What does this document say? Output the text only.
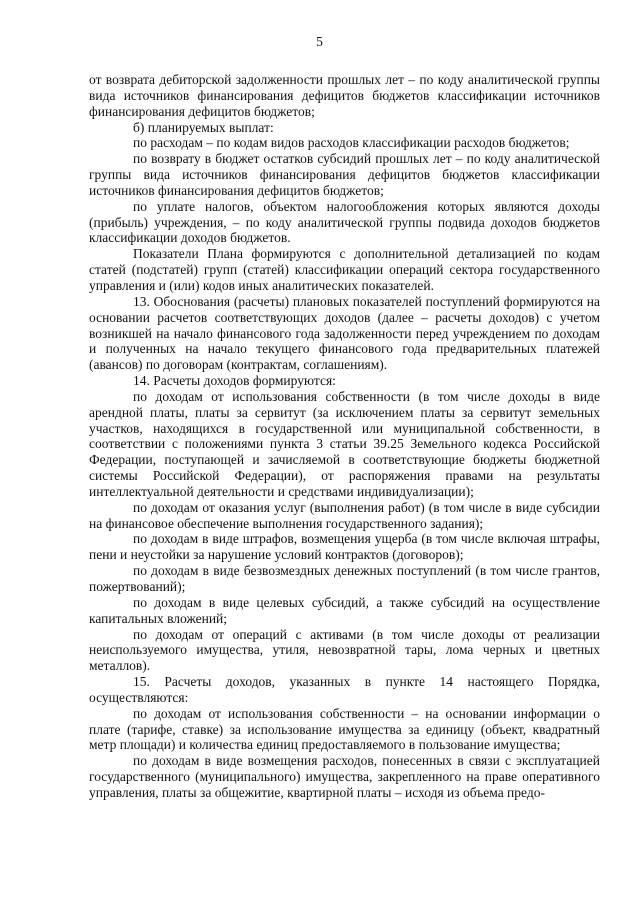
5

от возврата дебиторской задолженности прошлых лет – по коду аналитической группы вида источников финансирования дефицитов бюджетов классификации источников финансирования дефицитов бюджетов;

б) планируемых выплат:

по расходам – по кодам видов расходов классификации расходов бюджетов;

по возврату в бюджет остатков субсидий прошлых лет – по коду аналитической группы вида источников финансирования дефицитов бюджетов классификации источников финансирования дефицитов бюджетов;

по уплате налогов, объектом налогообложения которых являются доходы (прибыль) учреждения, – по коду аналитической группы подвида доходов бюджетов классификации доходов бюджетов.

Показатели Плана формируются с дополнительной детализацией по кодам статей (подстатей) групп (статей) классификации операций сектора государственного управления и (или) кодов иных аналитических показателей.

13. Обоснования (расчеты) плановых показателей поступлений формируются на основании расчетов соответствующих доходов (далее – расчеты доходов) с учетом возникшей на начало финансового года задолженности перед учреждением по доходам и полученных на начало текущего финансового года предварительных платежей (авансов) по договорам (контрактам, соглашениям).

14. Расчеты доходов формируются:

по доходам от использования собственности (в том числе доходы в виде арендной платы, платы за сервитут (за исключением платы за сервитут земельных участков, находящихся в государственной или муниципальной собственности, в соответствии с положениями пункта 3 статьи 39.25 Земельного кодекса Российской Федерации, поступающей и зачисляемой в соответствующие бюджеты бюджетной системы Российской Федерации), от распоряжения правами на результаты интеллектуальной деятельности и средствами индивидуализации);

по доходам от оказания услуг (выполнения работ) (в том числе в виде субсидии на финансовое обеспечение выполнения государственного задания);

по доходам в виде штрафов, возмещения ущерба (в том числе включая штрафы, пени и неустойки за нарушение условий контрактов (договоров);

по доходам в виде безвозмездных денежных поступлений (в том числе грантов, пожертвований);

по доходам в виде целевых субсидий, а также субсидий на осуществление капитальных вложений;

по доходам от операций с активами (в том числе доходы от реализации неиспользуемого имущества, утиля, невозвратной тары, лома черных и цветных металлов).

15. Расчеты доходов, указанных в пункте 14 настоящего Порядка, осуществляются:

по доходам от использования собственности – на основании информации о плате (тарифе, ставке) за использование имущества за единицу (объект, квадратный метр площади) и количества единиц предоставляемого в пользование имущества;

по доходам в виде возмещения расходов, понесенных в связи с эксплуатацией государственного (муниципального) имущества, закрепленного на праве оперативного управления, платы за общежитие, квартирной платы – исходя из объема предо-
